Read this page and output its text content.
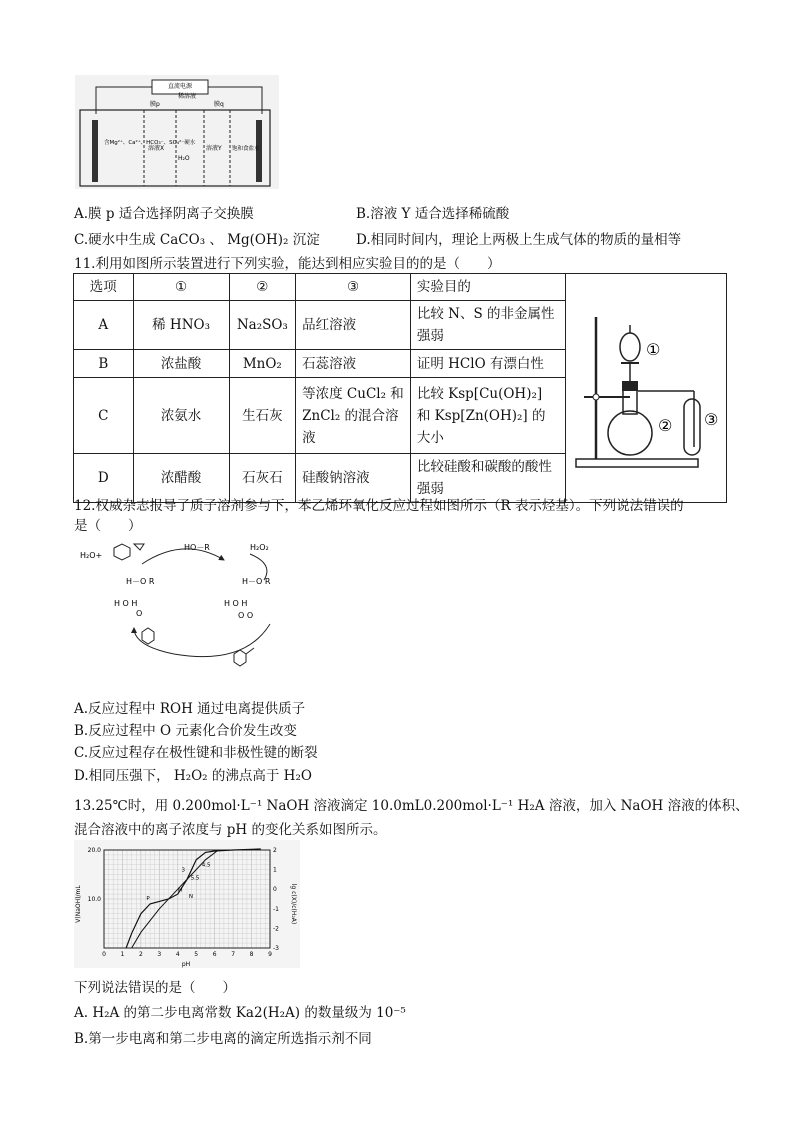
直流电源
膜p
稀溶液
膜q
含Mg²⁺、Ca²⁺、HCO₃⁻、SO₄²⁻硬水
溶液X
H₂O
溶液Y 饱和食盐水
A.膜 p 适合选择阴离子交换膜	B.溶液 Y 适合选择稀硫酸
C.硬水中生成 CaCO₃ 、 Mg(OH)₂ 沉淀	D.相同时间内，理论上两极上生成气体的物质的量相等
11.利用如图所示装置进行下列实验，能达到相应实验目的的是（　　）
选项	①	②	③	实验目的	①
② ③

A	稀 HNO₃	Na₂SO₃	品红溶液	比较 N、S 的非金属性强弱	
B	浓盐酸	MnO₂	石蕊溶液	证明 HClO 有漂白性	
C	浓氨水	生石灰	等浓度 CuCl₂ 和 ZnCl₂ 的混合溶液	比较 Ksp[Cu(OH)₂] 和 Ksp[Zn(OH)₂] 的大小	
D	浓醋酸	石灰石	硅酸钠溶液	比较硅酸和碳酸的酸性强弱	
12.权威杂志报导了质子溶剂参与下，苯乙烯环氧化反应过程如图所示（R 表示烃基）。下列说法错误的
是（　　）
H₂O+
HO－R	H₂O₂
H－O R
H O H
O
H－O R
H O H
O O
A.反应过程中 ROH 通过电离提供质子
B.反应过程中 O 元素化合价发生改变
C.反应过程存在极性键和非极性键的断裂
D.相同压强下， H₂O₂ 的沸点高于 H₂O
13.25℃时，用 0.200mol·L⁻¹ NaOH 溶液滴定 10.0mL0.200mol·L⁻¹ H₂A 溶液，加入 NaOH 溶液的体积、
混合溶液中的离子浓度与 pH 的变化关系如图所示。
P
M
N
3
5.5
4.5
0 1 2 3 4 5 6 7 8 9
10.0
20.0
-3
-2
-1
0
1
2
pH
V(NaOH)/mL	lg c(X)/c(H₂A)
下列说法错误的是（　　）
A. H₂A 的第二步电离常数 Ka2(H₂A) 的数量级为 10⁻⁵
B.第一步电离和第二步电离的滴定所选指示剂不同
